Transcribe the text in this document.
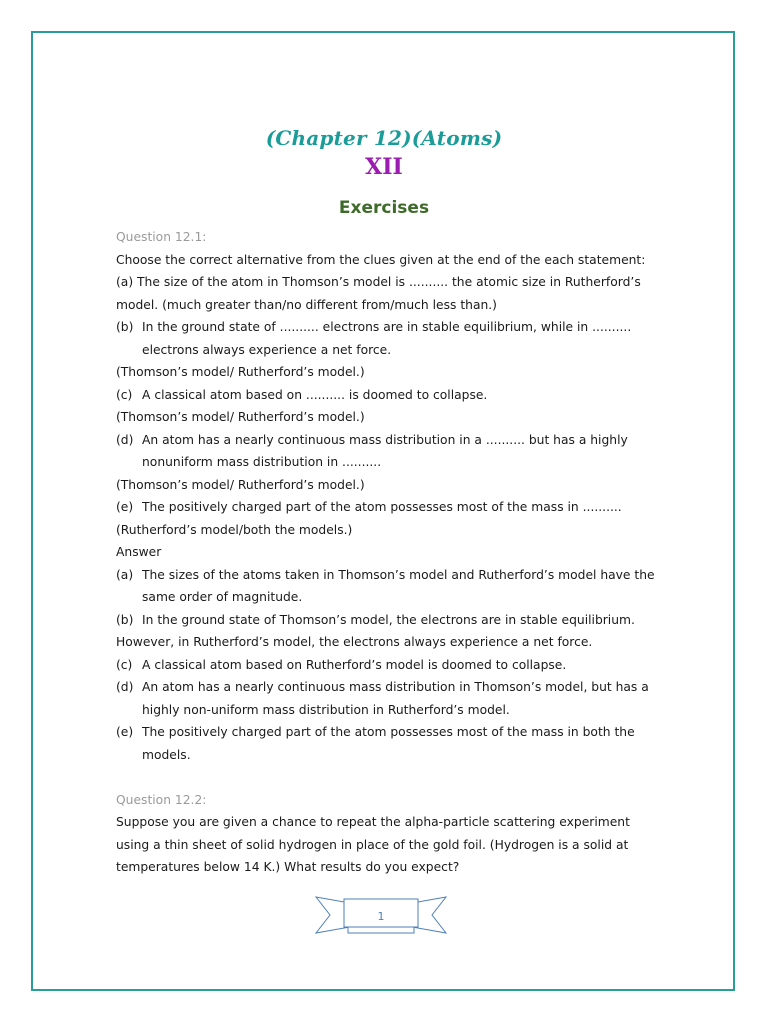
(Chapter 12)(Atoms)
XII
Exercises

Question 12.1:

Choose the correct alternative from the clues given at the end of the each statement:

(a) The size of the atom in Thomson’s model is .......... the atomic size in Rutherford’s model. (much greater than/no different from/much less than.)

(b) In the ground state of .......... electrons are in stable equilibrium, while in .......... electrons always experience a net force.

(Thomson’s model/ Rutherford’s model.)

(c) A classical atom based on .......... is doomed to collapse.

(Thomson’s model/ Rutherford’s model.)

(d) An atom has a nearly continuous mass distribution in a .......... but has a highly nonuniform mass distribution in ..........

(Thomson’s model/ Rutherford’s model.)

(e) The positively charged part of the atom possesses most of the mass in ..........

(Rutherford’s model/both the models.)

Answer

(a) The sizes of the atoms taken in Thomson’s model and Rutherford’s model have the same order of magnitude.
(b) In the ground state of Thomson’s model, the electrons are in stable equilibrium.

However, in Rutherford’s model, the electrons always experience a net force.

(c) A classical atom based on Rutherford’s model is doomed to collapse.
(d) An atom has a nearly continuous mass distribution in Thomson’s model, but has a highly non-uniform mass distribution in Rutherford’s model.
(e) The positively charged part of the atom possesses most of the mass in both the models.

Question 12.2:

Suppose you are given a chance to repeat the alpha-particle scattering experiment using a thin sheet of solid hydrogen in place of the gold foil. (Hydrogen is a solid at temperatures below 14 K.) What results do you expect?

1
